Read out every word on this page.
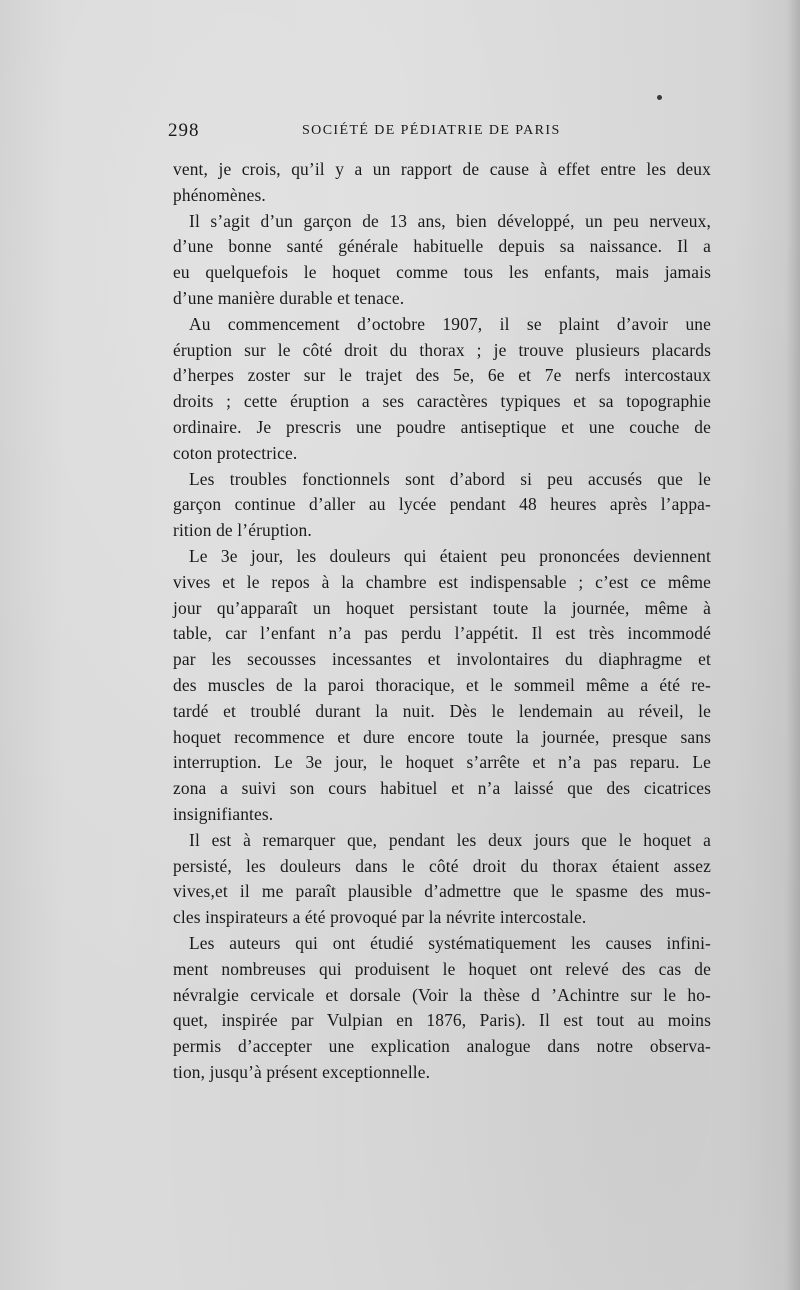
298	SOCIÉTÉ DE PÉDIATRIE DE PARIS
vent, je crois, qu’il y a un rapport de cause à effet entre les deux
phénomènes.
Il s’agit d’un garçon de 13 ans, bien développé, un peu nerveux,
d’une bonne santé générale habituelle depuis sa naissance. Il a
eu quelquefois le hoquet comme tous les enfants, mais jamais
d’une manière durable et tenace.
Au commencement d’octobre 1907, il se plaint d’avoir une
éruption sur le côté droit du thorax ; je trouve plusieurs placards
d’herpes zoster sur le trajet des 5e, 6e et 7e nerfs intercostaux
droits ; cette éruption a ses caractères typiques et sa topographie
ordinaire. Je prescris une poudre antiseptique et une couche de
coton protectrice.
Les troubles fonctionnels sont d’abord si peu accusés que le
garçon continue d’aller au lycée pendant 48 heures après l’appa-
rition de l’éruption.
Le 3e jour, les douleurs qui étaient peu prononcées deviennent
vives et le repos à la chambre est indispensable ; c’est ce même
jour qu’apparaît un hoquet persistant toute la journée, même à
table, car l’enfant n’a pas perdu l’appétit. Il est très incommodé
par les secousses incessantes et involontaires du diaphragme et
des muscles de la paroi thoracique, et le sommeil même a été re-
tardé et troublé durant la nuit. Dès le lendemain au réveil, le
hoquet recommence et dure encore toute la journée, presque sans
interruption. Le 3e jour, le hoquet s’arrête et n’a pas reparu. Le
zona a suivi son cours habituel et n’a laissé que des cicatrices
insignifiantes.
Il est à remarquer que, pendant les deux jours que le hoquet a
persisté, les douleurs dans le côté droit du thorax étaient assez
vives,et il me paraît plausible d’admettre que le spasme des mus-
cles inspirateurs a été provoqué par la névrite intercostale.
Les auteurs qui ont étudié systématiquement les causes infini-
ment nombreuses qui produisent le hoquet ont relevé des cas de
névralgie cervicale et dorsale (Voir la thèse d ’Achintre sur le ho-
quet, inspirée par Vulpian en 1876, Paris). Il est tout au moins
permis d’accepter une explication analogue dans notre observa-
tion, jusqu’à présent exceptionnelle.
